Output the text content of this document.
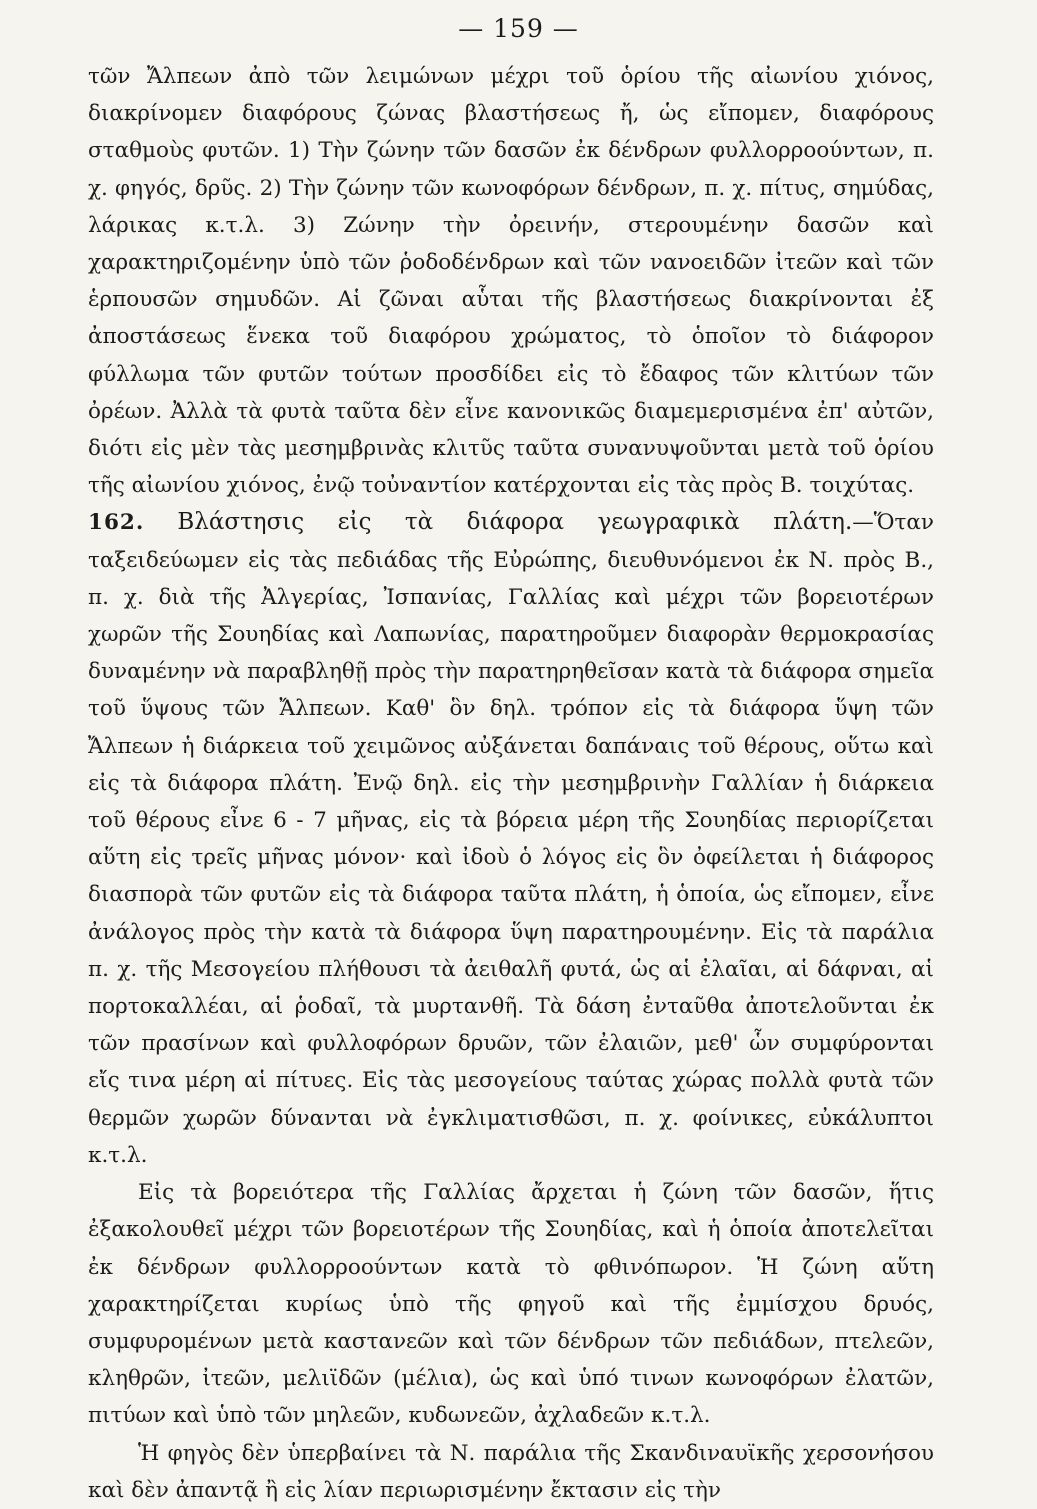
— 159 —

τῶν Ἄλπεων ἀπὸ τῶν λειμώνων μέχρι τοῦ ὁρίου τῆς αἰωνίου χιόνος, διακρίνομεν διαφόρους ζώνας βλαστήσεως ἤ, ὡς εἴπομεν, διαφόρους σταθμοὺς φυτῶν. 1) Τὴν ζώνην τῶν δασῶν ἐκ δένδρων φυλλορροούντων, π. χ. φηγός, δρῦς. 2) Τὴν ζώνην τῶν κωνοφόρων δένδρων, π. χ. πίτυς, σημύδας, λάρικας κ.τ.λ. 3) Ζώνην τὴν ὀρεινήν, στερουμένην δασῶν καὶ χαρακτηριζομένην ὑπὸ τῶν ῥοδοδένδρων καὶ τῶν νανοειδῶν ἰτεῶν καὶ τῶν ἑρπουσῶν σημυδῶν. Αἱ ζῶναι αὗται τῆς βλαστήσεως διακρίνονται ἐξ ἀποστάσεως ἕνεκα τοῦ διαφόρου χρώματος, τὸ ὁποῖον τὸ διάφορον φύλλωμα τῶν φυτῶν τούτων προσδίδει εἰς τὸ ἔδαφος τῶν κλιτύων τῶν ὀρέων. Ἀλλὰ τὰ φυτὰ ταῦτα δὲν εἶνε κανονικῶς διαμεμερισμένα ἐπ' αὐτῶν, διότι εἰς μὲν τὰς μεσημβρινὰς κλιτῦς ταῦτα συνανυψοῦνται μετὰ τοῦ ὁρίου τῆς αἰωνίου χιόνος, ἐνῷ τοὐναντίον κατέρχονται εἰς τὰς πρὸς Β. τοιχύτας.

162. Βλάστησις εἰς τὰ διάφορα γεωγραφικὰ πλάτη.—Ὅταν ταξειδεύωμεν εἰς τὰς πεδιάδας τῆς Εὐρώπης, διευθυνόμενοι ἐκ Ν. πρὸς Β., π. χ. διὰ τῆς Ἀλγερίας, Ἰσπανίας, Γαλλίας καὶ μέχρι τῶν βορειοτέρων χωρῶν τῆς Σουηδίας καὶ Λαπωνίας, παρατηροῦμεν διαφορὰν θερμοκρασίας δυναμένην νὰ παραβληθῇ πρὸς τὴν παρατηρηθεῖσαν κατὰ τὰ διάφορα σημεῖα τοῦ ὕψους τῶν Ἄλπεων. Καθ' ὃν δηλ. τρόπον εἰς τὰ διάφορα ὕψη τῶν Ἄλπεων ἡ διάρκεια τοῦ χειμῶνος αὐξάνεται δαπάναις τοῦ θέρους, οὕτω καὶ εἰς τὰ διάφορα πλάτη. Ἐνῷ δηλ. εἰς τὴν μεσημβρινὴν Γαλλίαν ἡ διάρκεια τοῦ θέρους εἶνε 6 - 7 μῆνας, εἰς τὰ βόρεια μέρη τῆς Σουηδίας περιορίζεται αὕτη εἰς τρεῖς μῆνας μόνον· καὶ ἰδοὺ ὁ λόγος εἰς ὃν ὀφείλεται ἡ διάφορος διασπορὰ τῶν φυτῶν εἰς τὰ διάφορα ταῦτα πλάτη, ἡ ὁποία, ὡς εἴπομεν, εἶνε ἀνάλογος πρὸς τὴν κατὰ τὰ διάφορα ὕψη παρατηρουμένην. Εἰς τὰ παράλια π. χ. τῆς Μεσογείου πλήθουσι τὰ ἀειθαλῆ φυτά, ὡς αἱ ἐλαῖαι, αἱ δάφναι, αἱ πορτοκαλλέαι, αἱ ῥοδαῖ, τὰ μυρτανθῆ. Τὰ δάση ἐνταῦθα ἀποτελοῦνται ἐκ τῶν πρασίνων καὶ φυλλοφόρων δρυῶν, τῶν ἐλαιῶν, μεθ' ὧν συμφύρονται εἴς τινα μέρη αἱ πίτυες. Εἰς τὰς μεσογείους ταύτας χώρας πολλὰ φυτὰ τῶν θερμῶν χωρῶν δύνανται νὰ ἐγκλιματισθῶσι, π. χ. φοίνικες, εὐκάλυπτοι κ.τ.λ.

Εἰς τὰ βορειότερα τῆς Γαλλίας ἄρχεται ἡ ζώνη τῶν δασῶν, ἥτις ἐξακολουθεῖ μέχρι τῶν βορειοτέρων τῆς Σουηδίας, καὶ ἡ ὁποία ἀποτελεῖται ἐκ δένδρων φυλλορροούντων κατὰ τὸ φθινόπωρον. Ἡ ζώνη αὕτη χαρακτηρίζεται κυρίως ὑπὸ τῆς φηγοῦ καὶ τῆς ἐμμίσχου δρυός, συμφυρομένων μετὰ καστανεῶν καὶ τῶν δένδρων τῶν πεδιάδων, πτελεῶν, κληθρῶν, ἰτεῶν, μελιϊδῶν (μέλια), ὡς καὶ ὑπό τινων κωνοφόρων ἐλατῶν, πιτύων καὶ ὑπὸ τῶν μηλεῶν, κυδωνεῶν, ἀχλαδεῶν κ.τ.λ.

Ἡ φηγὸς δὲν ὑπερβαίνει τὰ Ν. παράλια τῆς Σκανδιναυϊκῆς χερσονήσου καὶ δὲν ἀπαντᾷ ἢ εἰς λίαν περιωρισμένην ἔκτασιν εἰς τὴν
